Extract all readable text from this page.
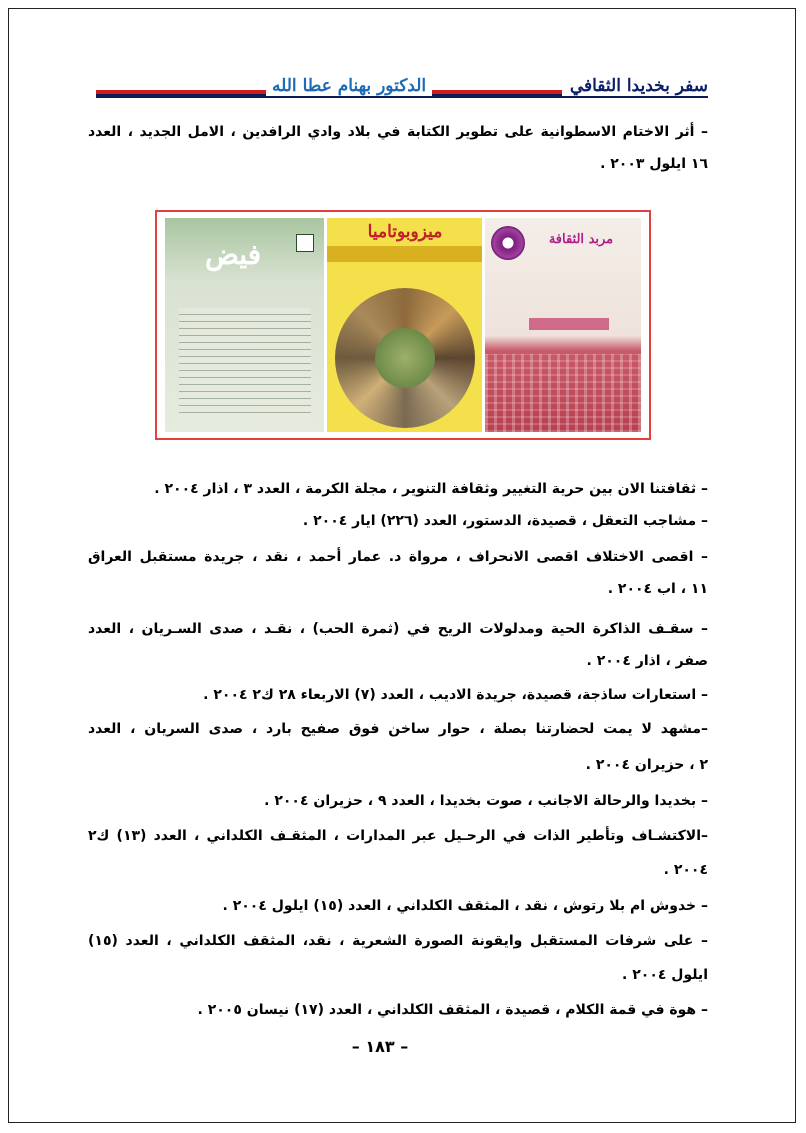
سفر بخديدا الثقافي
الدكتور بهنام عطا الله
– أثر الاختام الاسطوانية على تطوير الكتابة في بلاد وادي الرافدين ، الامل الجديد ، العدد
١٦ ايلول ٢٠٠٣ .
فيض
ميزوبوتاميا	مربد الثقافة
– ثقافتنا الان بين حرية التغيير وثقافة التنوير ، مجلة الكرمة ، العدد ٣ ، اذار ٢٠٠٤ .
– مشاجب التعقل ، قصيدة، الدستور، العدد (٢٢٦) ايار ٢٠٠٤ .
– اقصى الاختلاف اقصى الانحراف ، مرواة د. عمار أحمد ، نقد ، جريدة مستقبل العراق
١١ ، اب ٢٠٠٤ .
– سقـف الذاكرة الحية ومدلولات الريح في (ثمرة الحب) ، نقـد ، صدى السـريان ، العدد
صفر ، اذار ٢٠٠٤ .
– استعارات ساذجة، قصيدة، جريدة الاديب ، العدد (٧) الاربعاء ٢٨ ك٢ ٢٠٠٤ .
–مشهد لا يمت لحضارتنا بصلة ، حوار ساخن فوق صفيح بارد ، صدى السريان ، العدد
٢ ، حزيران ٢٠٠٤ .
– بخديدا والرحالة الاجانب ، صوت بخديدا ، العدد ٩ ، حزيران ٢٠٠٤ .
–الاكتشـاف وتأطير الذات في الرحـيل عبر المدارات ، المثقـف الكلداني ، العدد (١٣) ك٢
٢٠٠٤ .
– خدوش ام بلا رتوش ، نقد ، المثقف الكلداني ، العدد (١٥) ايلول ٢٠٠٤ .
– على شرفات المستقبل وايقونة الصورة الشعرية ، نقد، المثقف الكلداني ، العدد (١٥)
ايلول ٢٠٠٤ .
– هوة في قمة الكلام ، قصيدة ، المثقف الكلداني ، العدد (١٧) نيسان ٢٠٠٥ .
– ١٨٣ –
